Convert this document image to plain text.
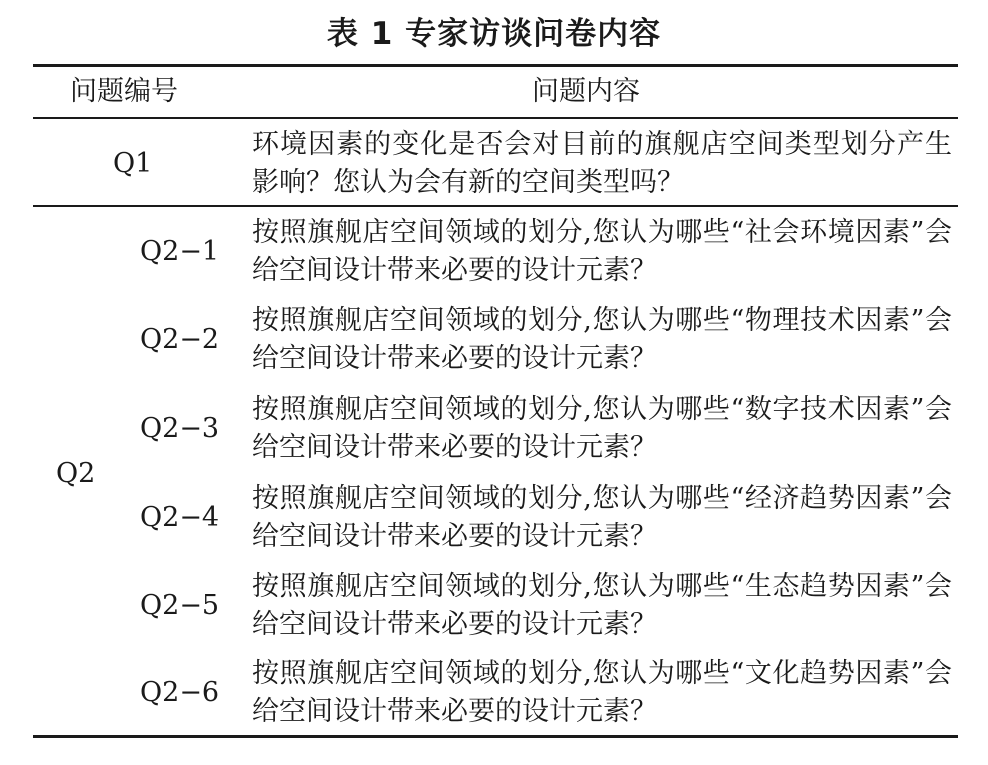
表 1 专家访谈问卷内容
问题编号	问题内容
Q1
环境因素的变化是否会对目前的旗舰店空间类型划分产生影响？您认为会有新的空间类型吗？
Q2
Q2−1
按照旗舰店空间领域的划分,您认为哪些“社会环境因素”会给空间设计带来必要的设计元素？
Q2−2
按照旗舰店空间领域的划分,您认为哪些“物理技术因素”会给空间设计带来必要的设计元素？
Q2−3
按照旗舰店空间领域的划分,您认为哪些“数字技术因素”会给空间设计带来必要的设计元素？
Q2−4
按照旗舰店空间领域的划分,您认为哪些“经济趋势因素”会给空间设计带来必要的设计元素？
Q2−5
按照旗舰店空间领域的划分,您认为哪些“生态趋势因素”会给空间设计带来必要的设计元素？
Q2−6
按照旗舰店空间领域的划分,您认为哪些“文化趋势因素”会给空间设计带来必要的设计元素？
